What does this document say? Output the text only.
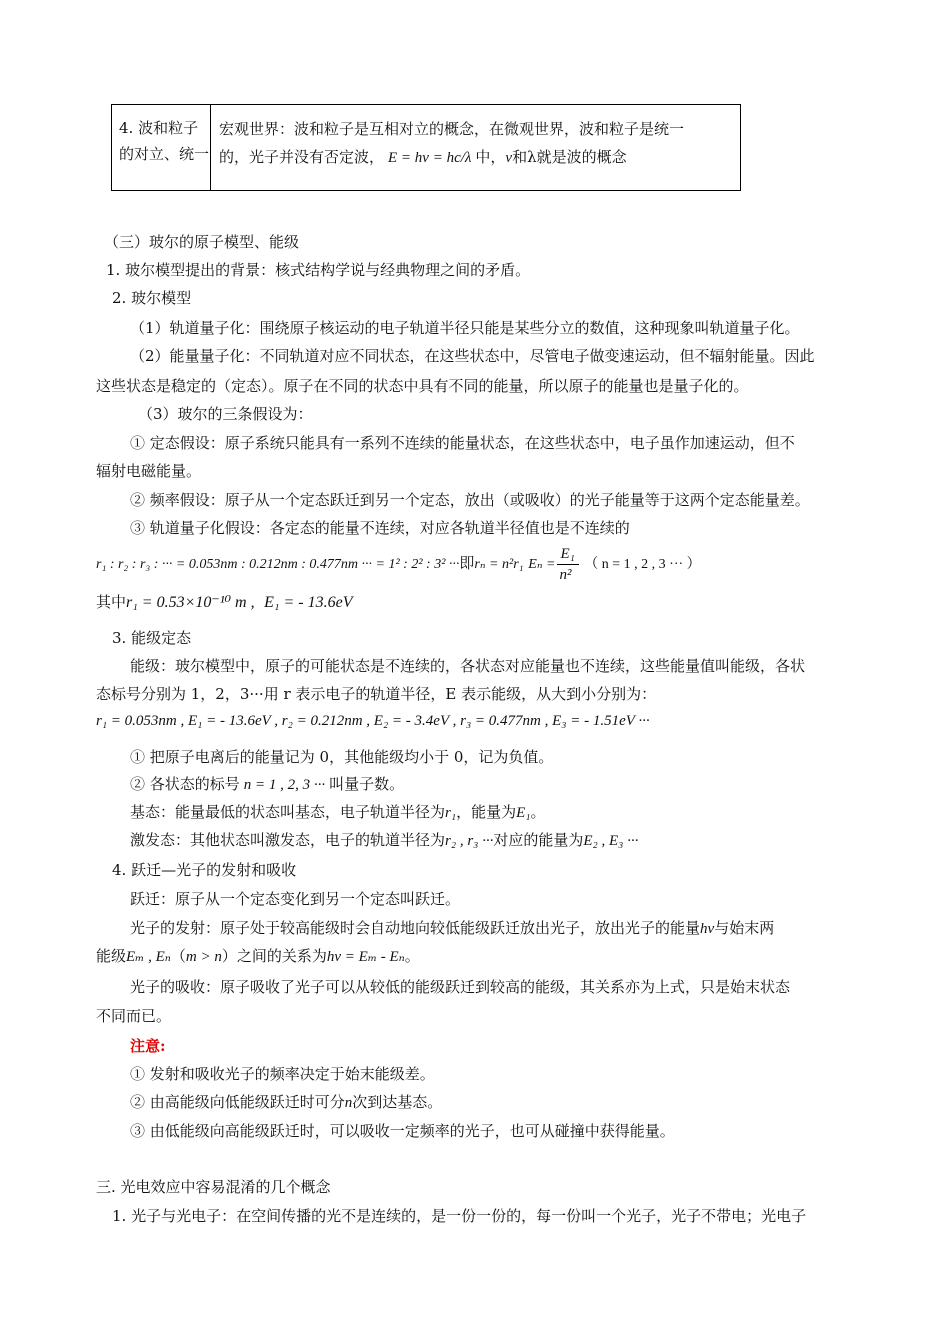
4. 波和粒子的对立、统一
宏观世界：波和粒子是互相对立的概念，在微观世界，波和粒子是统一
的，光子并没有否定波， E = hν = hc/λ 中，ν和λ就是波的概念
（三）玻尔的原子模型、能级
1. 玻尔模型提出的背景：核式结构学说与经典物理之间的矛盾。
2. 玻尔模型
（1）轨道量子化：围绕原子核运动的电子轨道半径只能是某些分立的数值，这种现象叫轨道量子化。
（2）能量量子化：不同轨道对应不同状态，在这些状态中，尽管电子做变速运动，但不辐射能量。因此
这些状态是稳定的（定态）。原子在不同的状态中具有不同的能量，所以原子的能量也是量子化的。
（3）玻尔的三条假设为：
① 定态假设：原子系统只能具有一系列不连续的能量状态，在这些状态中，电子虽作加速运动，但不
辐射电磁能量。
② 频率假设：原子从一个定态跃迁到另一个定态，放出（或吸收）的光子能量等于这两个定态能量差。
③ 轨道量子化假设：各定态的能量不连续，对应各轨道半径值也是不连续的
r₁ : r₂ : r₃ : ··· = 0.053nm : 0.212nm : 0.477nm ··· = 1² : 2² : 3² ···即rₙ = n²r₁ $E_n = \frac{\text{E₁}}{\text{n²}}$ （ n = 1 , 2 , 3 ··· ）
其中r₁ = 0.53×10⁻¹⁰ m , E₁ = - 13.6eV
3. 能级定态
能级：玻尔模型中，原子的可能状态是不连续的，各状态对应能量也不连续，这些能量值叫能级，各状
态标号分别为 1，2，3···用 r 表示电子的轨道半径，E 表示能级，从大到小分别为：
r₁ = 0.053nm , E₁ = - 13.6eV , r₂ = 0.212nm , E₂ = - 3.4eV , r₃ = 0.477nm , E₃ = - 1.51eV ···
① 把原子电离后的能量记为 0，其他能级均小于 0，记为负值。
② 各状态的标号 n = 1 , 2, 3 ··· 叫量子数。
基态：能量最低的状态叫基态，电子轨道半径为r₁，能量为E₁。
激发态：其他状态叫激发态，电子的轨道半径为r₂ , r₃ ···对应的能量为E₂ , E₃ ···
4. 跃迁—光子的发射和吸收
跃迁：原子从一个定态变化到另一个定态叫跃迁。
光子的发射：原子处于较高能级时会自动地向较低能级跃迁放出光子，放出光子的能量hν与始末两
能级Eₘ , Eₙ（m > n）之间的关系为hν = Eₘ - Eₙ。
光子的吸收：原子吸收了光子可以从较低的能级跃迁到较高的能级，其关系亦为上式，只是始末状态
不同而已。
注意:
① 发射和吸收光子的频率决定于始末能级差。
② 由高能级向低能级跃迁时可分n次到达基态。
③ 由低能级向高能级跃迁时，可以吸收一定频率的光子，也可从碰撞中获得能量。
三. 光电效应中容易混淆的几个概念
1. 光子与光电子：在空间传播的光不是连续的，是一份一份的，每一份叫一个光子，光子不带电；光电子
